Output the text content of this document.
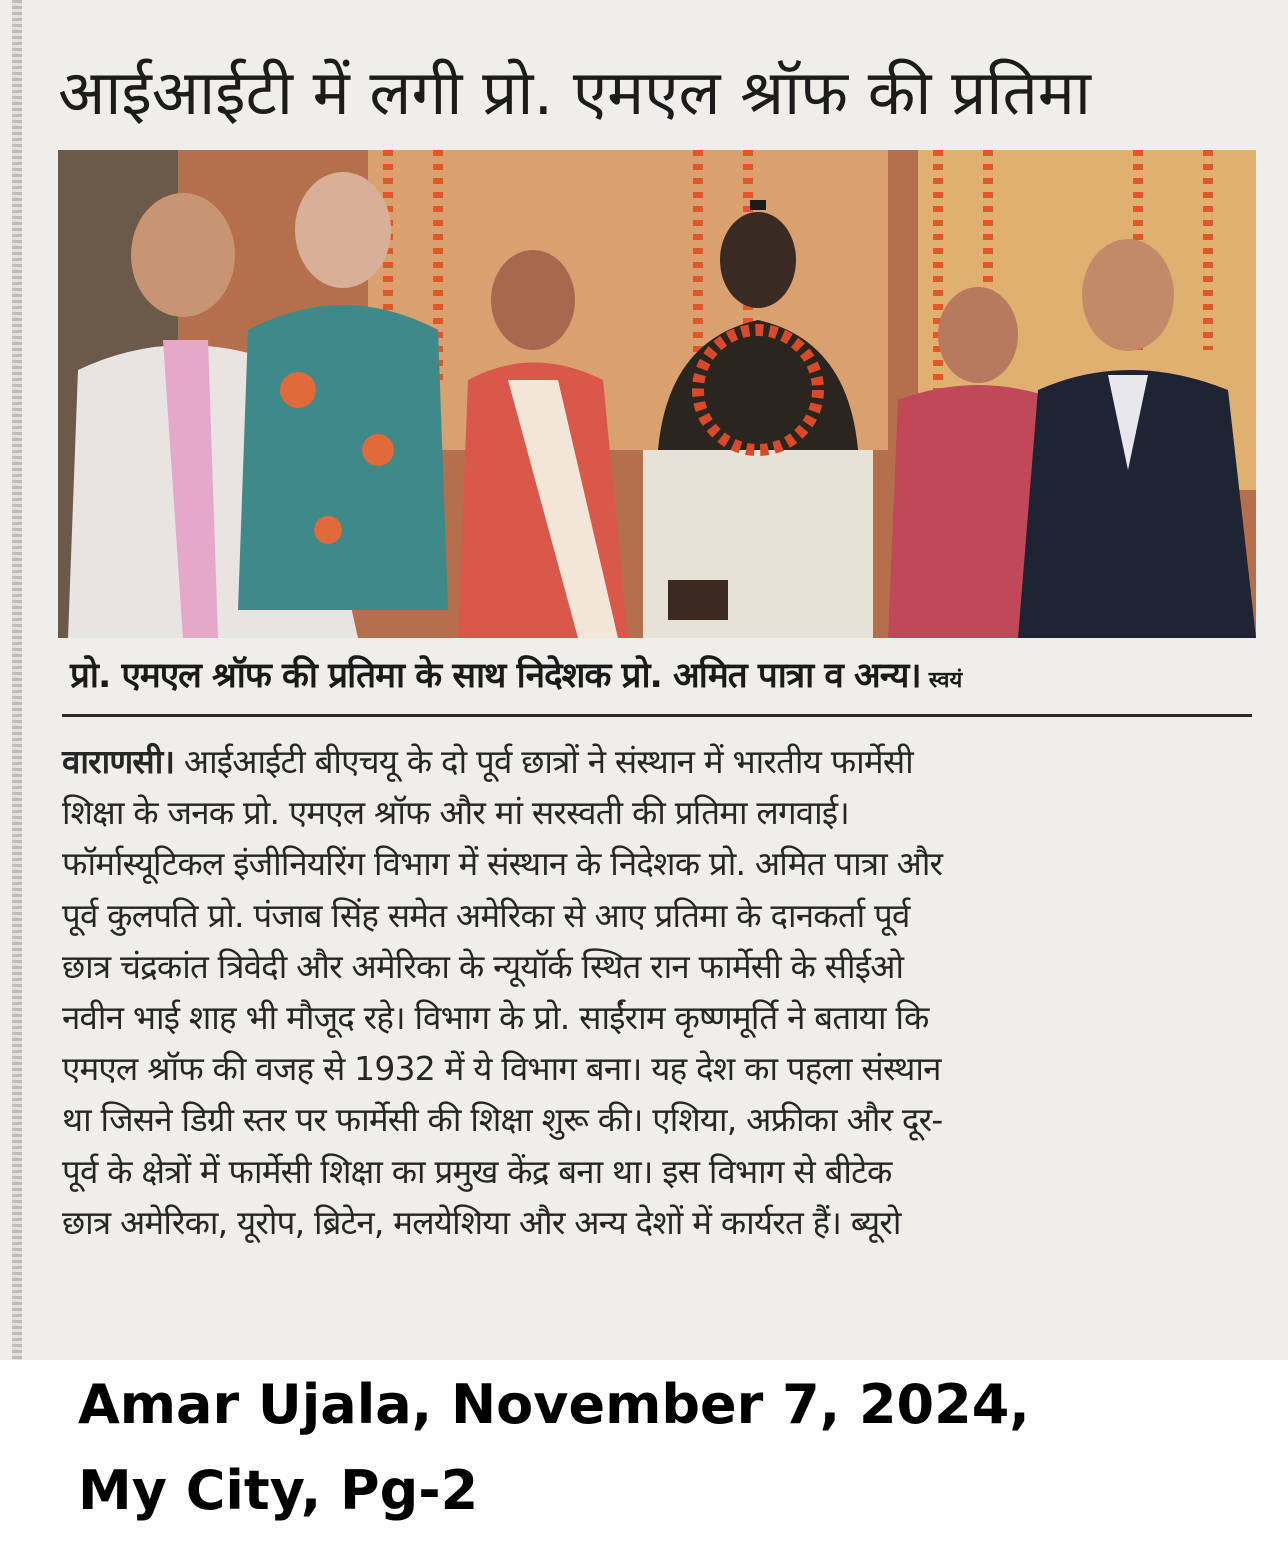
आईआईटी में लगी प्रो. एमएल श्रॉफ की प्रतिमा
प्रो. एमएल श्रॉफ की प्रतिमा के साथ निदेशक प्रो. अमित पात्रा व अन्य। स्वयं
वाराणसी। आईआईटी बीएचयू के दो पूर्व छात्रों ने संस्थान में भारतीय फार्मेसी
शिक्षा के जनक प्रो. एमएल श्रॉफ और मां सरस्वती की प्रतिमा लगवाई।
फॉर्मास्यूटिकल इंजीनियरिंग विभाग में संस्थान के निदेशक प्रो. अमित पात्रा और
पूर्व कुलपति प्रो. पंजाब सिंह समेत अमेरिका से आए प्रतिमा के दानकर्ता पूर्व
छात्र चंद्रकांत त्रिवेदी और अमेरिका के न्यूयॉर्क स्थित रान फार्मेसी के सीईओ
नवीन भाई शाह भी मौजूद रहे। विभाग के प्रो. साईंराम कृष्णमूर्ति ने बताया कि
एमएल श्रॉफ की वजह से 1932 में ये विभाग बना। यह देश का पहला संस्थान
था जिसने डिग्री स्तर पर फार्मेसी की शिक्षा शुरू की। एशिया, अफ्रीका और दूर-
पूर्व के क्षेत्रों में फार्मेसी शिक्षा का प्रमुख केंद्र बना था। इस विभाग से बीटेक
छात्र अमेरिका, यूरोप, ब्रिटेन, मलयेशिया और अन्य देशों में कार्यरत हैं। ब्यूरो
Amar Ujala, November 7, 2024,
My City, Pg-2
